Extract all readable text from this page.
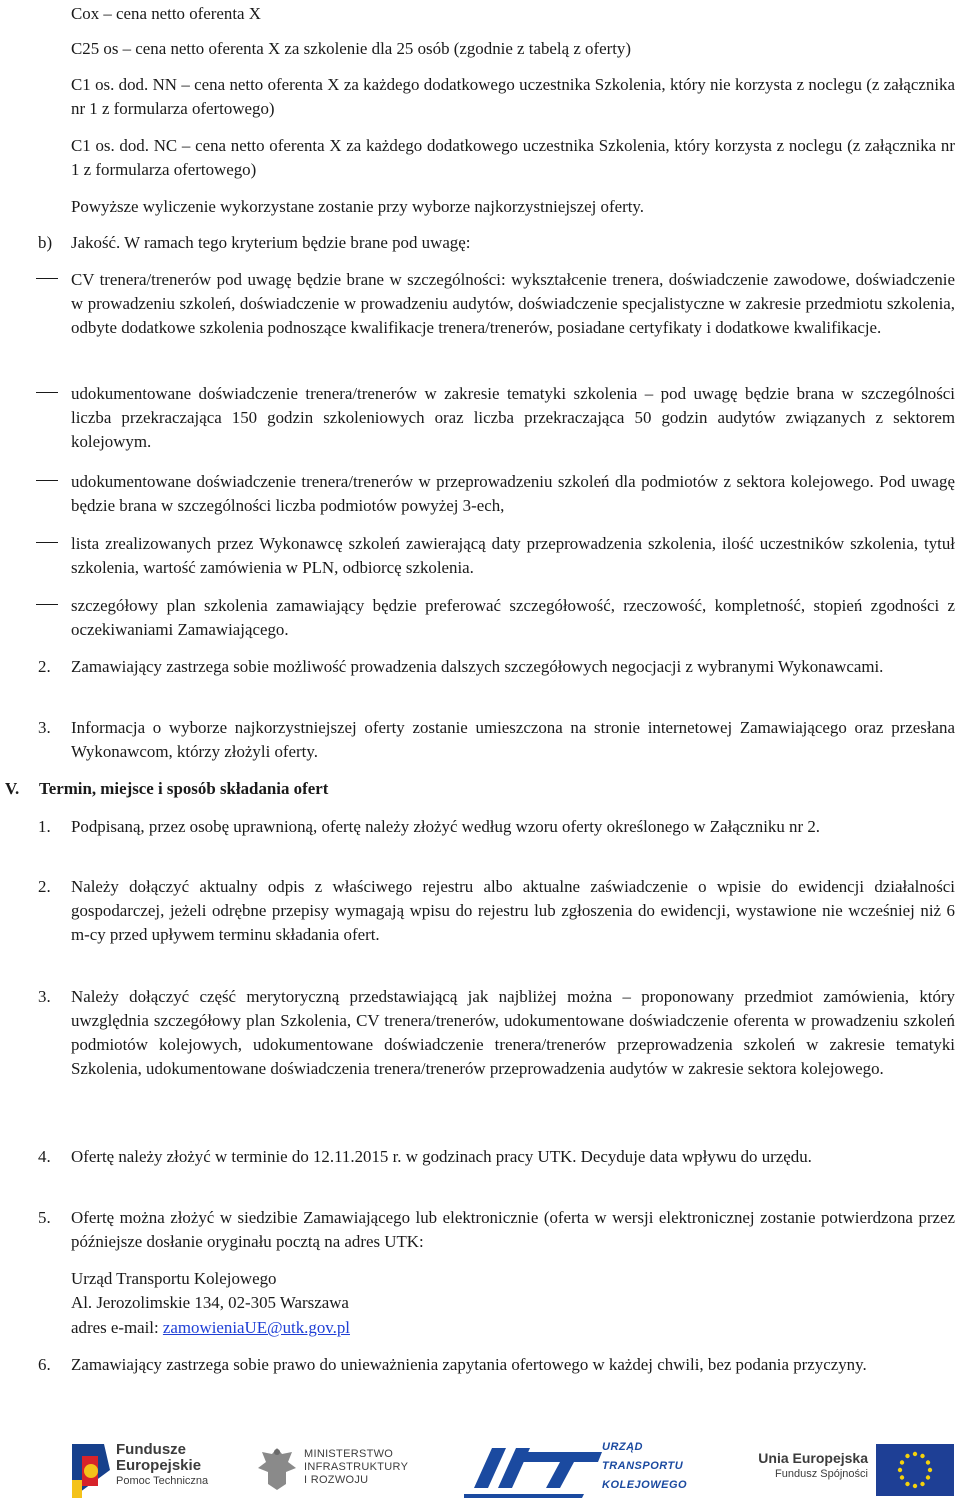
Cox – cena netto oferenta X
C25 os – cena netto oferenta X za szkolenie dla 25 osób (zgodnie z tabelą z oferty)
C1 os. dod. NN – cena netto oferenta X za każdego dodatkowego uczestnika Szkolenia, który nie korzysta z noclegu (z załącznika nr 1 z formularza ofertowego)
C1 os. dod. NC – cena netto oferenta X za każdego dodatkowego uczestnika Szkolenia, który korzysta z noclegu (z załącznika nr 1 z formularza ofertowego)
Powyższe wyliczenie wykorzystane zostanie przy wyborze najkorzystniejszej oferty.
b) Jakość. W ramach tego kryterium będzie brane pod uwagę:
CV trenera/trenerów pod uwagę będzie brane w szczególności: wykształcenie trenera, doświadczenie zawodowe, doświadczenie w prowadzeniu szkoleń, doświadczenie w prowadzeniu audytów, doświadczenie specjalistyczne w zakresie przedmiotu szkolenia, odbyte dodatkowe szkolenia podnoszące kwalifikacje trenera/trenerów, posiadane certyfikaty i dodatkowe kwalifikacje.
udokumentowane doświadczenie trenera/trenerów w zakresie tematyki szkolenia – pod uwagę będzie brana w szczególności liczba przekraczająca 150 godzin szkoleniowych oraz liczba przekraczająca 50 godzin audytów związanych z sektorem kolejowym.
udokumentowane doświadczenie trenera/trenerów w przeprowadzeniu szkoleń dla podmiotów z sektora kolejowego. Pod uwagę będzie brana w szczególności liczba podmiotów powyżej 3-ech,
lista zrealizowanych przez Wykonawcę szkoleń zawierającą daty przeprowadzenia szkolenia, ilość uczestników szkolenia, tytuł szkolenia, wartość zamówienia w PLN, odbiorcę szkolenia.
szczegółowy plan szkolenia zamawiający będzie preferować szczegółowość, rzeczowość, kompletność, stopień zgodności z oczekiwaniami Zamawiającego.
2. Zamawiający zastrzega sobie możliwość prowadzenia dalszych szczegółowych negocjacji z wybranymi Wykonawcami.
3. Informacja o wyborze najkorzystniejszej oferty zostanie umieszczona na stronie internetowej Zamawiającego oraz przesłana Wykonawcom, którzy złożyli oferty.
V. Termin, miejsce i sposób składania ofert
1. Podpisaną, przez osobę uprawnioną, ofertę należy złożyć według wzoru oferty określonego w Załączniku nr 2.
2. Należy dołączyć aktualny odpis z właściwego rejestru albo aktualne zaświadczenie o wpisie do ewidencji działalności gospodarczej, jeżeli odrębne przepisy wymagają wpisu do rejestru lub zgłoszenia do ewidencji, wystawione nie wcześniej niż 6 m-cy przed upływem terminu składania ofert.
3. Należy dołączyć część merytoryczną przedstawiającą jak najbliżej można – proponowany przedmiot zamówienia, który uwzględnia szczegółowy plan Szkolenia, CV trenera/trenerów, udokumentowane doświadczenie oferenta w prowadzeniu szkoleń podmiotów kolejowych, udokumentowane doświadczenie trenera/trenerów przeprowadzenia szkoleń w zakresie tematyki Szkolenia, udokumentowane doświadczenia trenera/trenerów przeprowadzenia audytów w zakresie sektora kolejowego.
4. Ofertę należy złożyć w terminie do 12.11.2015 r. w godzinach pracy UTK. Decyduje data wpływu do urzędu.
5. Ofertę można złożyć w siedzibie Zamawiającego lub elektronicznie (oferta w wersji elektronicznej zostanie potwierdzona przez późniejsze dosłanie oryginału pocztą na adres UTK:
Urząd Transportu Kolejowego
Al. Jerozolimskie 134, 02-305 Warszawa
adres e-mail: zamowieniaUE@utk.gov.pl
6. Zamawiający zastrzega sobie prawo do unieważnienia zapytania ofertowego w każdej chwili, bez podania przyczyny.
Fundusze
Europejskie
Pomoc Techniczna
MINISTERSTWO
INFRASTRUKTURY
I ROZWOJU
URZĄD
TRANSPORTU
KOLEJOWEGO
Unia Europejska
Fundusz Spójności
